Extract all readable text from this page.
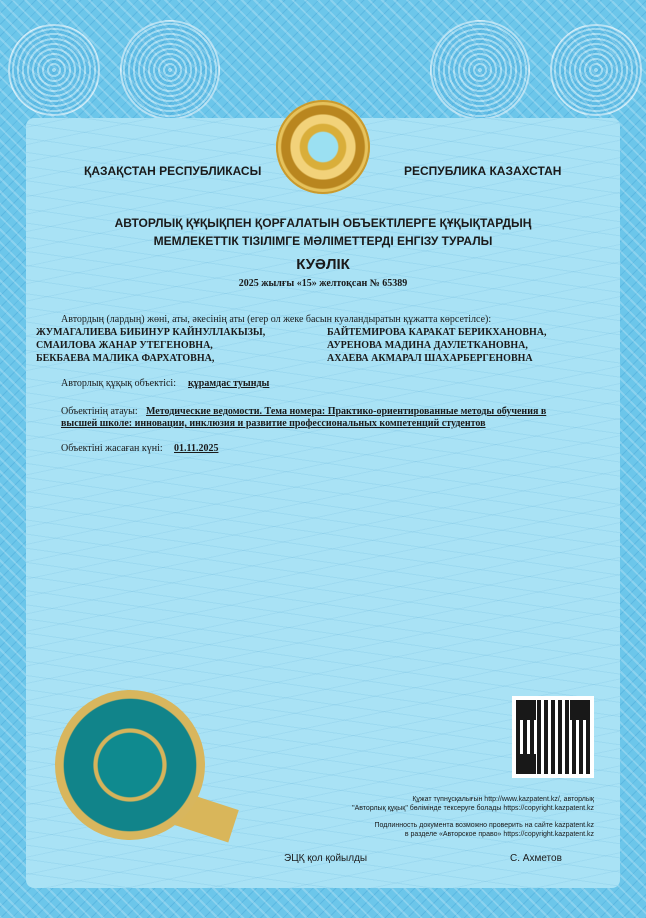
ҚАЗАҚСТАН РЕСПУБЛИКАСЫ	РЕСПУБЛИКА КАЗАХСТАН
АВТОРЛЫҚ ҚҰҚЫҚПЕН ҚОРҒАЛАТЫН ОБЪЕКТІЛЕРГЕ ҚҰҚЫҚТАРДЫҢ
МЕМЛЕКЕТТІК ТІЗІЛІМГЕ МӘЛІМЕТТЕРДІ ЕНГІЗУ ТУРАЛЫ
КУӘЛІК
2025 жылғы «15» желтоқсан № 65389
Автордың (лардың) жөні, аты, әкесінің аты (егер ол жеке басын куәландыратын құжатта көрсетілсе):
ЖУМАГАЛИЕВА БИБИНУР КАЙНУЛЛАКЫЗЫ,
СМАИЛОВА ЖАНАР УТЕГЕНОВНА,
БЕКБАЕВА МАЛИКА ФАРХАТОВНА,
БАЙТЕМИРОВА КАРАКАТ БЕРИКХАНОВНА,
АУРЕНОВА МАДИНА ДАУЛЕТКАНОВНА,
АХАЕВА АКМАРАЛ ШАХАРБЕРГЕНОВНА
Авторлық құқық объектісі: құрамдас туынды
Объектінің атауы: Методические ведомости. Тема номера: Практико-ориентированные методы обучения в
высшей школе: инновации, инклюзия и развитие профессиональных компетенций студентов
Объектіні жасаған күні: 01.11.2025
Құжат түпнұсқалығын http://www.kazpatent.kz/, авторлық
"Авторлық құқық" бөлімінде тексеруге болады https://copyright.kazpatent.kz
Подлинность документа возможно проверить на сайте kazpatent.kz
в разделе «Авторское право» https://copyright.kazpatent.kz
ЭЦҚ қол қойылды	С. Ахметов
